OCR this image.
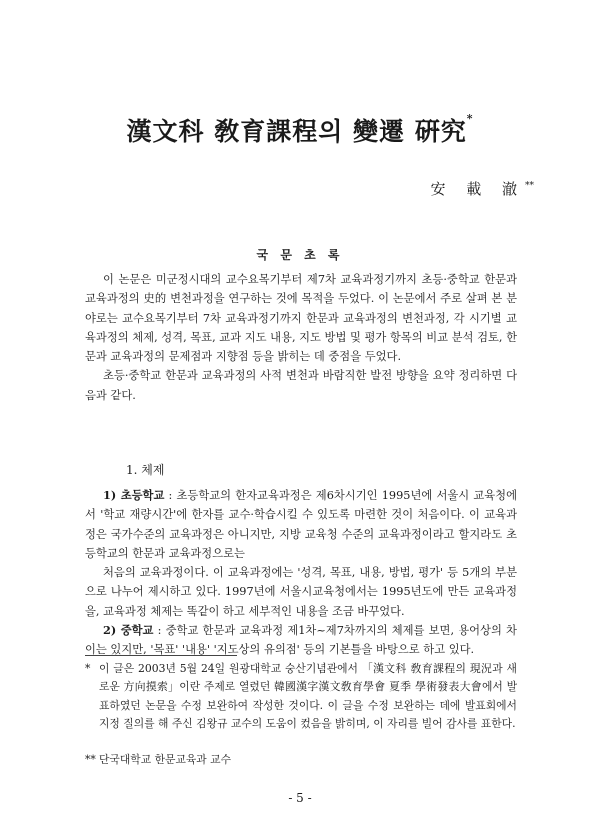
漢文科 敎育課程의 變遷 硏究*
安 載 澈**
국 문 초 록

이 논문은 미군정시대의 교수요목기부터 제7차 교육과정기까지 초등·중학교 한문과 교육과정의 史的 변천과정을 연구하는 것에 목적을 두었다. 이 논문에서 주로 살펴 본 분야로는 교수요목기부터 7차 교육과정기까지 한문과 교육과정의 변천과정, 각 시기별 교육과정의 체제, 성격, 목표, 교과 지도 내용, 지도 방법 및 평가 항목의 비교 분석 검토, 한문과 교육과정의 문제점과 지향점 등을 밝히는 데 중점을 두었다.

초등·중학교 한문과 교육과정의 사적 변천과 바람직한 발전 방향을 요약 정리하면 다음과 같다.

1. 체제

1) 초등학교 : 초등학교의 한자교육과정은 제6차시기인 1995년에 서울시 교육청에서 '학교 재량시간'에 한자를 교수·학습시킬 수 있도록 마련한 것이 처음이다. 이 교육과정은 국가수준의 교육과정은 아니지만, 지방 교육청 수준의 교육과정이라고 할지라도 초등학교의 한문과 교육과정으로는

처음의 교육과정이다. 이 교육과정에는 '성격, 목표, 내용, 방법, 평가' 등 5개의 부분으로 나누어 제시하고 있다. 1997년에 서울시교육청에서는 1995년도에 만든 교육과정을, 교육과정 체제는 똑같이 하고 세부적인 내용을 조금 바꾸었다.

2) 중학교 : 중학교 한문과 교육과정 제1차~제7차까지의 체제를 보면, 용어상의 차이는 있지만, '목표' '내용' '지도상의 유의점' 등의 기본틀을 바탕으로 하고 있다.

* 이 글은 2003년 5월 24일 원광대학교 숭산기념관에서 「漢文科 敎育課程의 現況과 새로운 方向摸索」이란 주제로 열렸던 韓國漢字漢文敎育學會 夏季 學術發表大會에서 발표하였던 논문을 수정 보완하여 작성한 것이다. 이 글을 수정 보완하는 데에 발표회에서 지정 질의를 해 주신 김왕규 교수의 도움이 컸음을 밝히며, 이 자리를 빌어 감사를 표한다.
** 단국대학교 한문교육과 교수
- 5 -
